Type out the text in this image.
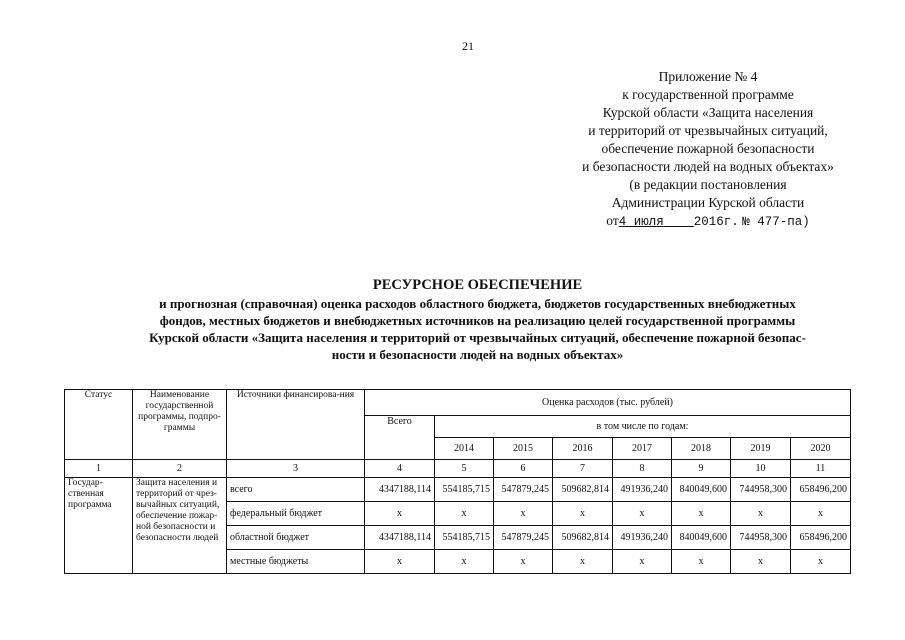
21
Приложение № 4
к государственной программе
Курской области «Защита населения
и территорий от чрезвычайных ситуаций,
обеспечение пожарной безопасности
и безопасности людей на водных объектах»
(в редакции постановления
Администрации Курской области
от4 июля 2016г. № 477-па)
РЕСУРСНОЕ ОБЕСПЕЧЕНИЕ
и прогнозная (справочная) оценка расходов областного бюджета, бюджетов государственных внебюджетных
фондов, местных бюджетов и внебюджетных источников на реализацию целей государственной программы
Курской области «Защита населения и территорий от чрезвычайных ситуаций, обеспечение пожарной безопас-
ности и безопасности людей на водных объектах»
Статус	Наименование государственной программы, подпро-граммы	Источники финансирова-ния	Оценка расходов (тыс. рублей)							
			Всего	в том числе по годам:						
				2014	2015	2016	2017	2018	2019	2020
1	2	3	4	5	6	7	8	9	10	11
Государ-ственная программа	Защита населения и территорий от чрез-вычайных ситуаций, обеспечение пожар-ной безопасности и безопасности людей	всего	4347188,114	554185,715	547879,245	509682,814	491936,240	840049,600	744958,300	658496,200
		федеральный бюджет	х	х	х	х	х	х	х	х
		областной бюджет	4347188,114	554185,715	547879,245	509682,814	491936,240	840049,600	744958,300	658496,200
		местные бюджеты	х	х	х	х	х	х	х	х
